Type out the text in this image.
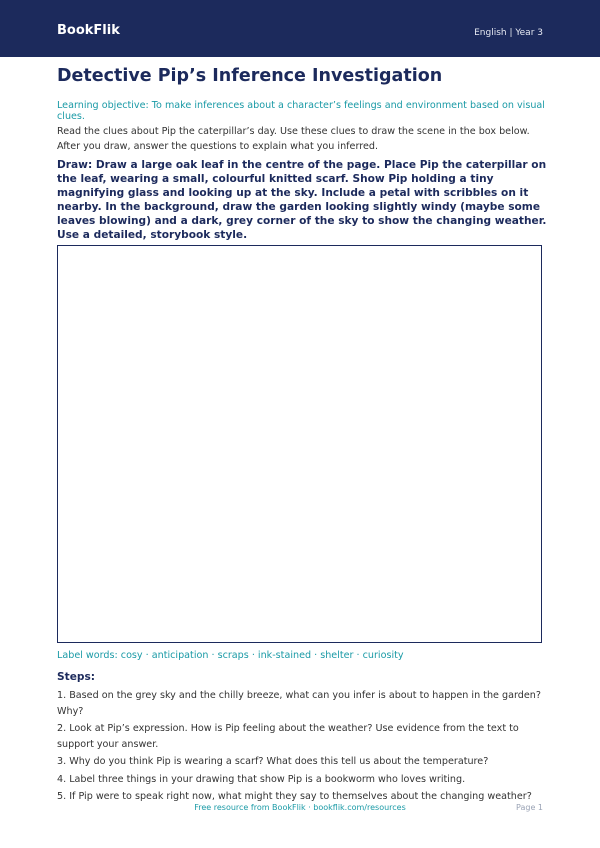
BookFlik	English | Year 3
Detective Pip’s Inference Investigation
Learning objective: To make inferences about a character’s feelings and environment based on visual clues.
Read the clues about Pip the caterpillar’s day. Use these clues to draw the scene in the box below. After you draw, answer the questions to explain what you inferred.
Draw: Draw a large oak leaf in the centre of the page. Place Pip the caterpillar on the leaf, wearing a small, colourful knitted scarf. Show Pip holding a tiny magnifying glass and looking up at the sky. Include a petal with scribbles on it nearby. In the background, draw the garden looking slightly windy (maybe some leaves blowing) and a dark, grey corner of the sky to show the changing weather. Use a detailed, storybook style.
Label words: cosy · anticipation · scraps · ink-stained · shelter · curiosity
Steps:
1. Based on the grey sky and the chilly breeze, what can you infer is about to happen in the garden? Why?
2. Look at Pip’s expression. How is Pip feeling about the weather? Use evidence from the text to support your answer.
3. Why do you think Pip is wearing a scarf? What does this tell us about the temperature?
4. Label three things in your drawing that show Pip is a bookworm who loves writing.
5. If Pip were to speak right now, what might they say to themselves about the changing weather?
Free resource from BookFlik · bookflik.com/resources	Page 1
